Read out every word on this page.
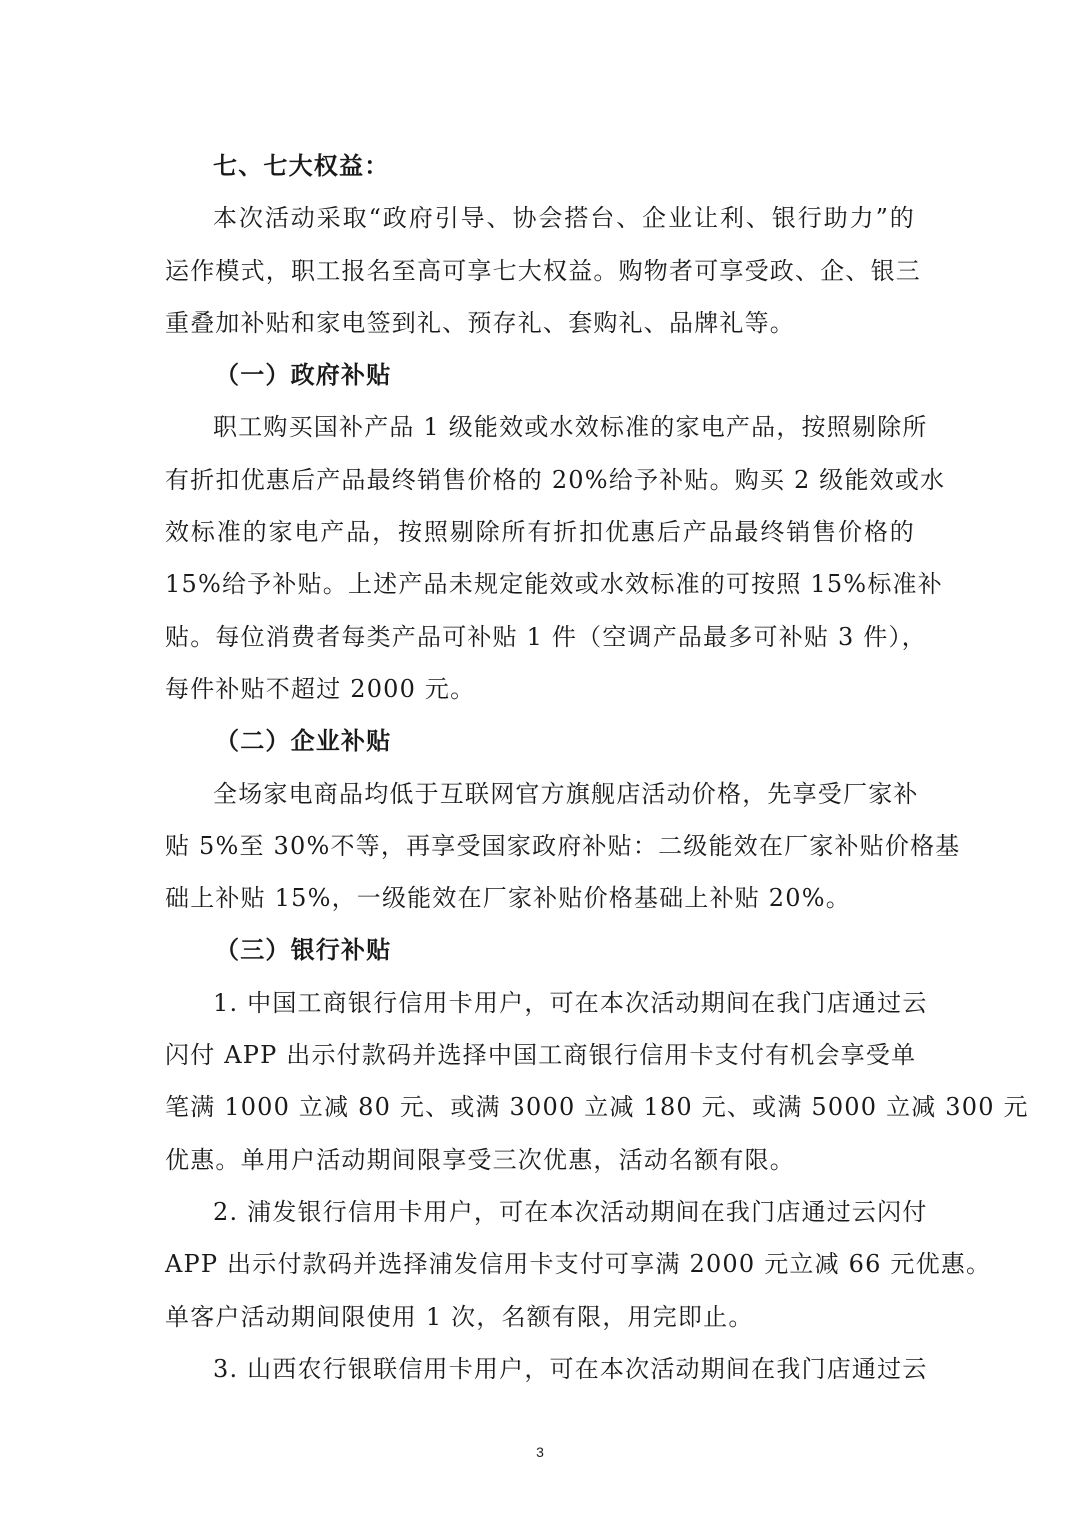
七、七大权益：
本次活动采取“政府引导、协会搭台、企业让利、银行助力”的
运作模式，职工报名至高可享七大权益。购物者可享受政、企、银三
重叠加补贴和家电签到礼、预存礼、套购礼、品牌礼等。
（一）政府补贴
职工购买国补产品 1 级能效或水效标准的家电产品，按照剔除所
有折扣优惠后产品最终销售价格的 20%给予补贴。购买 2 级能效或水
效标准的家电产品，按照剔除所有折扣优惠后产品最终销售价格的
15%给予补贴。上述产品未规定能效或水效标准的可按照 15%标准补
贴。每位消费者每类产品可补贴 1 件（空调产品最多可补贴 3 件），
每件补贴不超过 2000 元。
（二）企业补贴
全场家电商品均低于互联网官方旗舰店活动价格，先享受厂家补
贴 5%至 30%不等，再享受国家政府补贴：二级能效在厂家补贴价格基
础上补贴 15%，一级能效在厂家补贴价格基础上补贴 20%。
（三）银行补贴
1. 中国工商银行信用卡用户，可在本次活动期间在我门店通过云
闪付 APP 出示付款码并选择中国工商银行信用卡支付有机会享受单
笔满 1000 立减 80 元、或满 3000 立减 180 元、或满 5000 立减 300 元
优惠。单用户活动期间限享受三次优惠，活动名额有限。
2. 浦发银行信用卡用户，可在本次活动期间在我门店通过云闪付
APP 出示付款码并选择浦发信用卡支付可享满 2000 元立减 66 元优惠。
单客户活动期间限使用 1 次，名额有限，用完即止。
3. 山西农行银联信用卡用户，可在本次活动期间在我门店通过云
3
